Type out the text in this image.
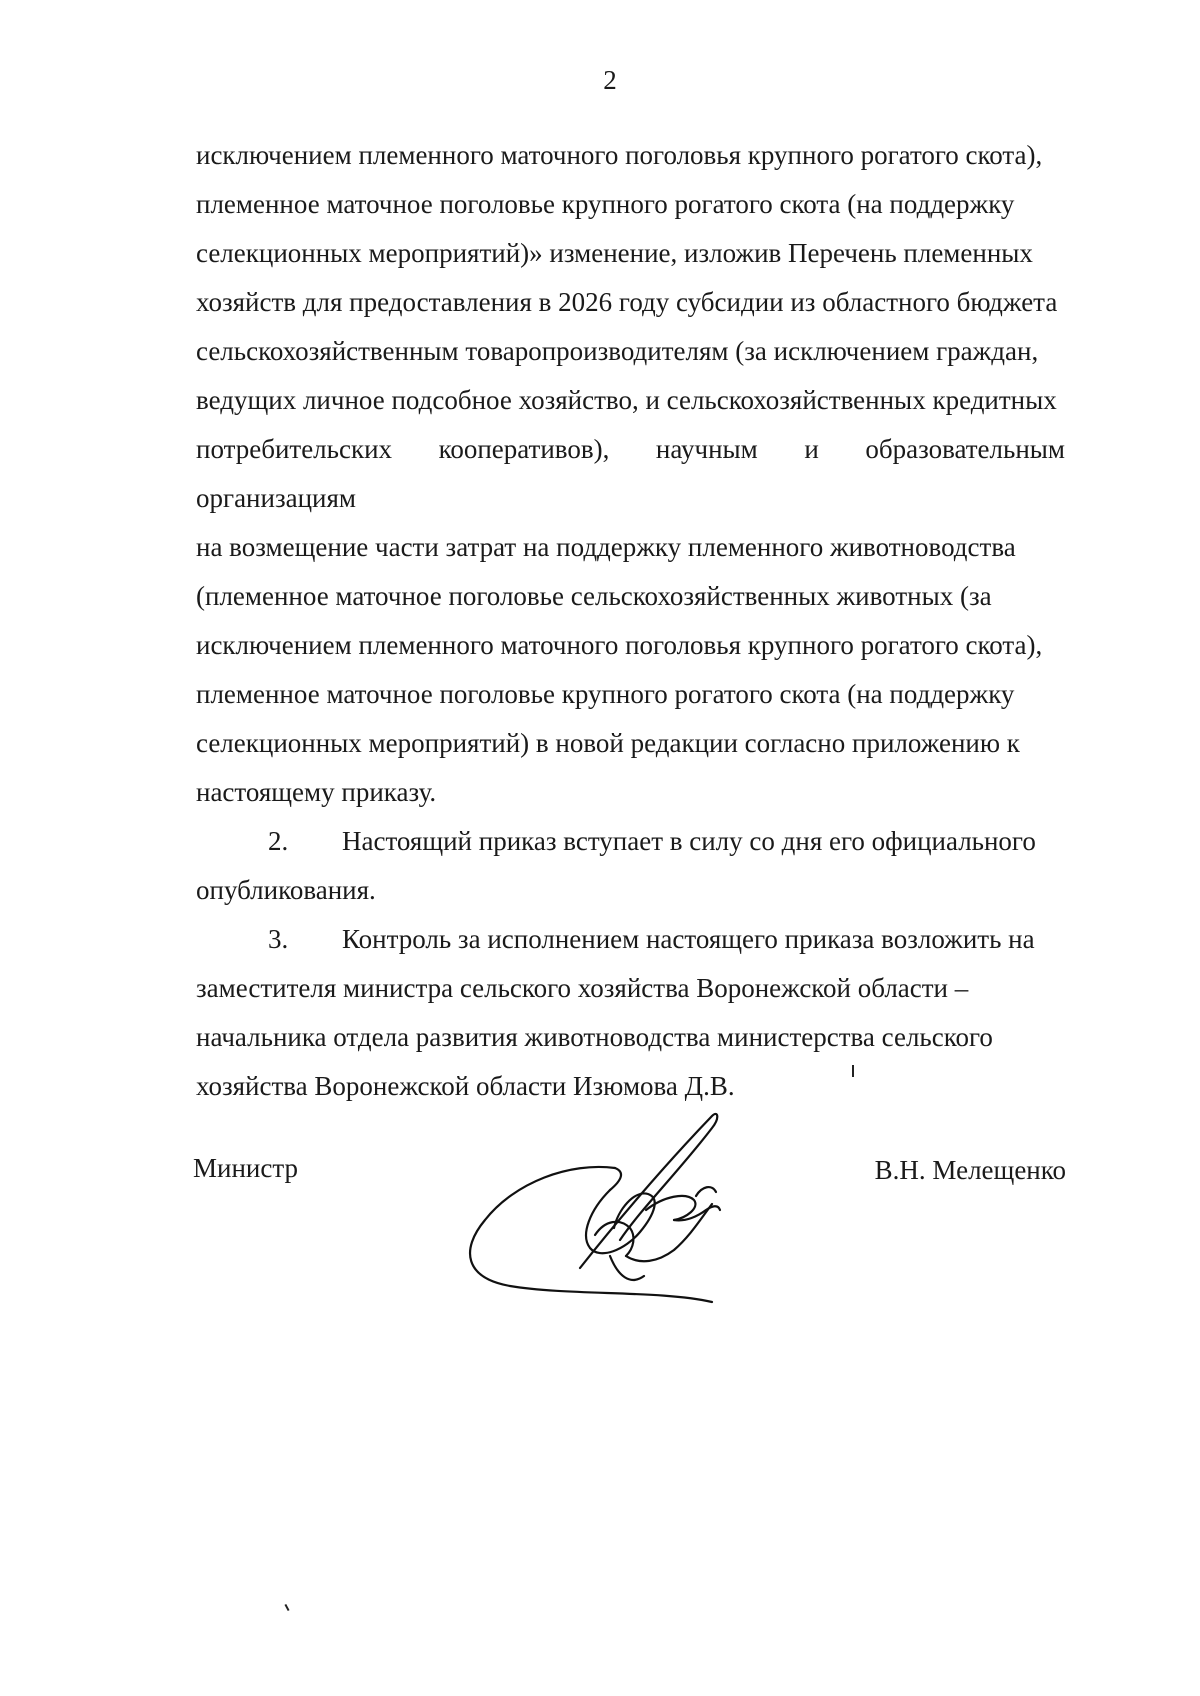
2

исключением племенного маточного поголовья крупного рогатого скота),
племенное маточное поголовье крупного рогатого скота (на поддержку
селекционных мероприятий)» изменение, изложив Перечень племенных
хозяйств для предоставления в 2026 году субсидии из областного бюджета
сельскохозяйственным товаропроизводителям (за исключением граждан,
ведущих личное подсобное хозяйство, и сельскохозяйственных кредитных
потребительских кооперативов), научным и образовательным организациям
на возмещение части затрат на поддержку племенного животноводства
(племенное маточное поголовье сельскохозяйственных животных (за
исключением племенного маточного поголовья крупного рогатого скота),
племенное маточное поголовье крупного рогатого скота (на поддержку
селекционных мероприятий) в новой редакции согласно приложению к
настоящему приказу.

2. Настоящий приказ вступает в силу со дня его официального
опубликования.

3. Контроль за исполнением настоящего приказа возложить на
заместителя министра сельского хозяйства Воронежской области –
начальника отдела развития животноводства министерства сельского
хозяйства Воронежской области Изюмова Д.В.

Министр	В.Н. Мелещенко
